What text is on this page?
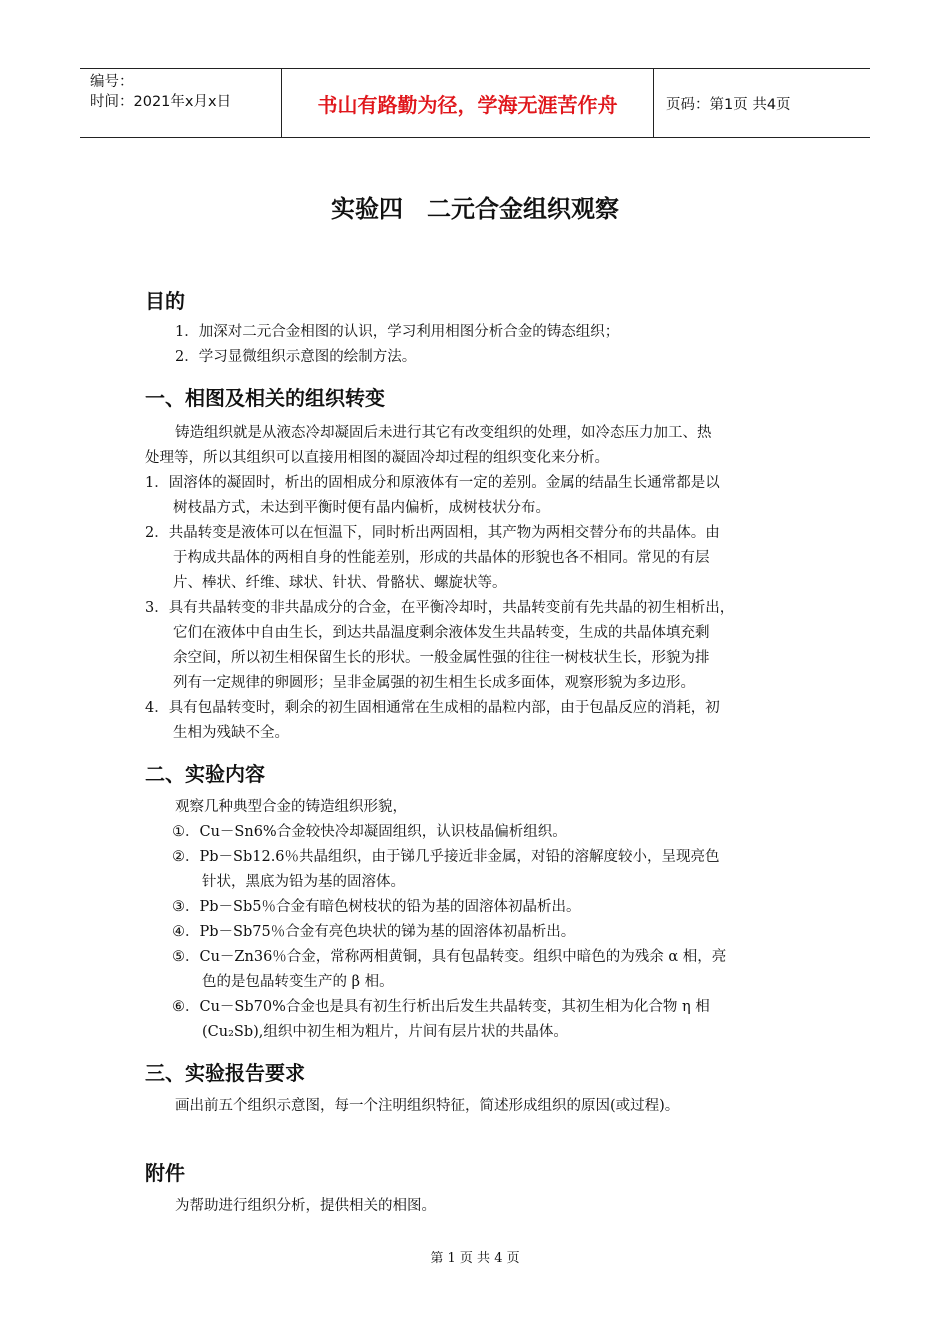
编号：
时间：2021年x月x日	书山有路勤为径，学海无涯苦作舟	页码：第1页 共4页
实验四　二元合金组织观察
目的
1．加深对二元合金相图的认识，学习利用相图分析合金的铸态组织；
2．学习显微组织示意图的绘制方法。
一、相图及相关的组织转变
铸造组织就是从液态冷却凝固后未进行其它有改变组织的处理，如冷态压力加工、热
处理等，所以其组织可以直接用相图的凝固冷却过程的组织变化来分析。
1．固溶体的凝固时，析出的固相成分和原液体有一定的差别。金属的结晶生长通常都是以
树枝晶方式，未达到平衡时便有晶内偏析，成树枝状分布。
2．共晶转变是液体可以在恒温下，同时析出两固相，其产物为两相交替分布的共晶体。由
于构成共晶体的两相自身的性能差别，形成的共晶体的形貌也各不相同。常见的有层
片、棒状、纤维、球状、针状、骨骼状、螺旋状等。
3．具有共晶转变的非共晶成分的合金，在平衡冷却时，共晶转变前有先共晶的初生相析出，
它们在液体中自由生长，到达共晶温度剩余液体发生共晶转变，生成的共晶体填充剩
余空间，所以初生相保留生长的形状。一般金属性强的往往一树枝状生长，形貌为排
列有一定规律的卵圆形；呈非金属强的初生相生长成多面体，观察形貌为多边形。
4．具有包晶转变时，剩余的初生固相通常在生成相的晶粒内部，由于包晶反应的消耗，初
生相为残缺不全。
二、实验内容
观察几种典型合金的铸造组织形貌，
①．Cu－Sn6%合金较快冷却凝固组织，认识枝晶偏析组织。
②．Pb－Sb12.6％共晶组织，由于锑几乎接近非金属，对铅的溶解度较小，呈现亮色
针状，黑底为铅为基的固溶体。
③．Pb－Sb5％合金有暗色树枝状的铅为基的固溶体初晶析出。
④．Pb－Sb75％合金有亮色块状的锑为基的固溶体初晶析出。
⑤．Cu－Zn36％合金，常称两相黄铜，具有包晶转变。组织中暗色的为残余 α 相，亮
色的是包晶转变生产的 β 相。
⑥．Cu－Sb70%合金也是具有初生行析出后发生共晶转变，其初生相为化合物 η 相
(Cu₂Sb),组织中初生相为粗片，片间有层片状的共晶体。
三、实验报告要求
画出前五个组织示意图，每一个注明组织特征，简述形成组织的原因(或过程)。
附件
为帮助进行组织分析，提供相关的相图。
第 1 页 共 4 页
